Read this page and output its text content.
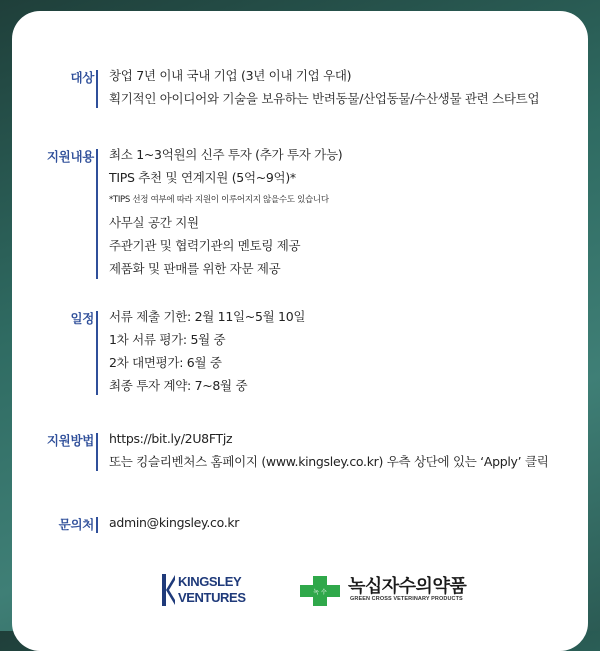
대상 창업 7년 이내 국내 기업 (3년 이내 기업 우대)
획기적인 아이디어와 기술을 보유하는 반려동물/산업동물/수산생물 관련 스타트업
지원내용 최소 1~3억원의 신주 투자 (추가 투자 가능)
TIPS 추천 및 연계지원 (5억~9억)*
*TIPS 선정 여부에 따라 지원이 이루어지지 않을수도 있습니다
사무실 공간 지원
주관기관 및 협력기관의 멘토링 제공
제품화 및 판매를 위한 자문 제공
일정 서류 제출 기한: 2월 11일~5월 10일
1차 서류 평가: 5월 중
2차 대면평가: 6월 중
최종 투자 계약: 7~8월 중
지원방법 https://bit.ly/2U8FTjz
또는 킹슬리벤처스 홈페이지 (www.kingsley.co.kr) 우측 상단에 있는 ‘Apply’ 클릭
문의처 admin@kingsley.co.kr
KINGSLEY
VENTURES	녹 수 녹십자수의약품
GREEN CROSS VETERINARY PRODUCTS
